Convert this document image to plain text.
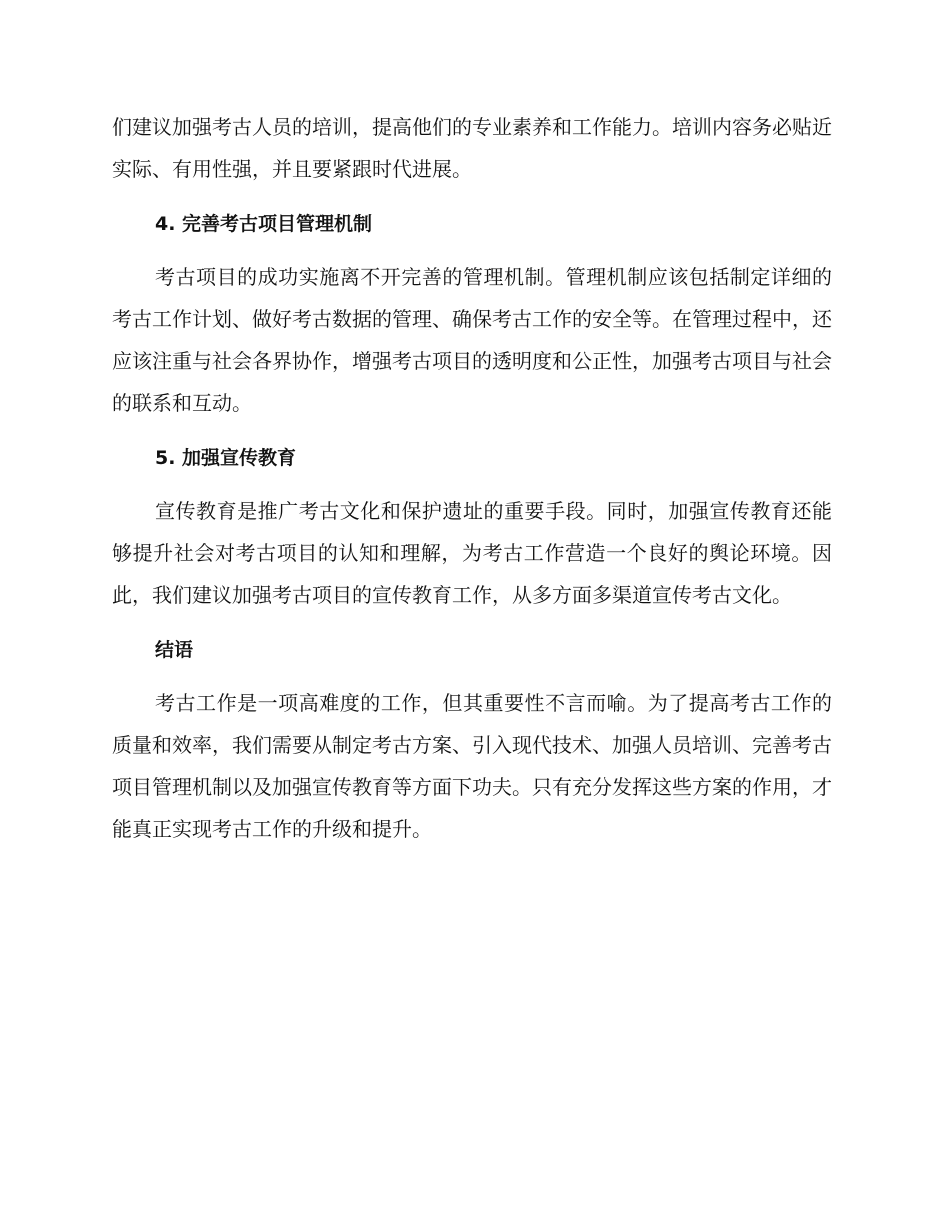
们建议加强考古人员的培训，提高他们的专业素养和工作能力。培训内容务必贴近实际、有用性强，并且要紧跟时代进展。

4. 完善考古项目管理机制

考古项目的成功实施离不开完善的管理机制。管理机制应该包括制定详细的考古工作计划、做好考古数据的管理、确保考古工作的安全等。在管理过程中，还应该注重与社会各界协作，增强考古项目的透明度和公正性，加强考古项目与社会的联系和互动。

5. 加强宣传教育

宣传教育是推广考古文化和保护遗址的重要手段。同时，加强宣传教育还能够提升社会对考古项目的认知和理解，为考古工作营造一个良好的舆论环境。因此，我们建议加强考古项目的宣传教育工作，从多方面多渠道宣传考古文化。

结语

考古工作是一项高难度的工作，但其重要性不言而喻。为了提高考古工作的质量和效率，我们需要从制定考古方案、引入现代技术、加强人员培训、完善考古项目管理机制以及加强宣传教育等方面下功夫。只有充分发挥这些方案的作用，才能真正实现考古工作的升级和提升。
